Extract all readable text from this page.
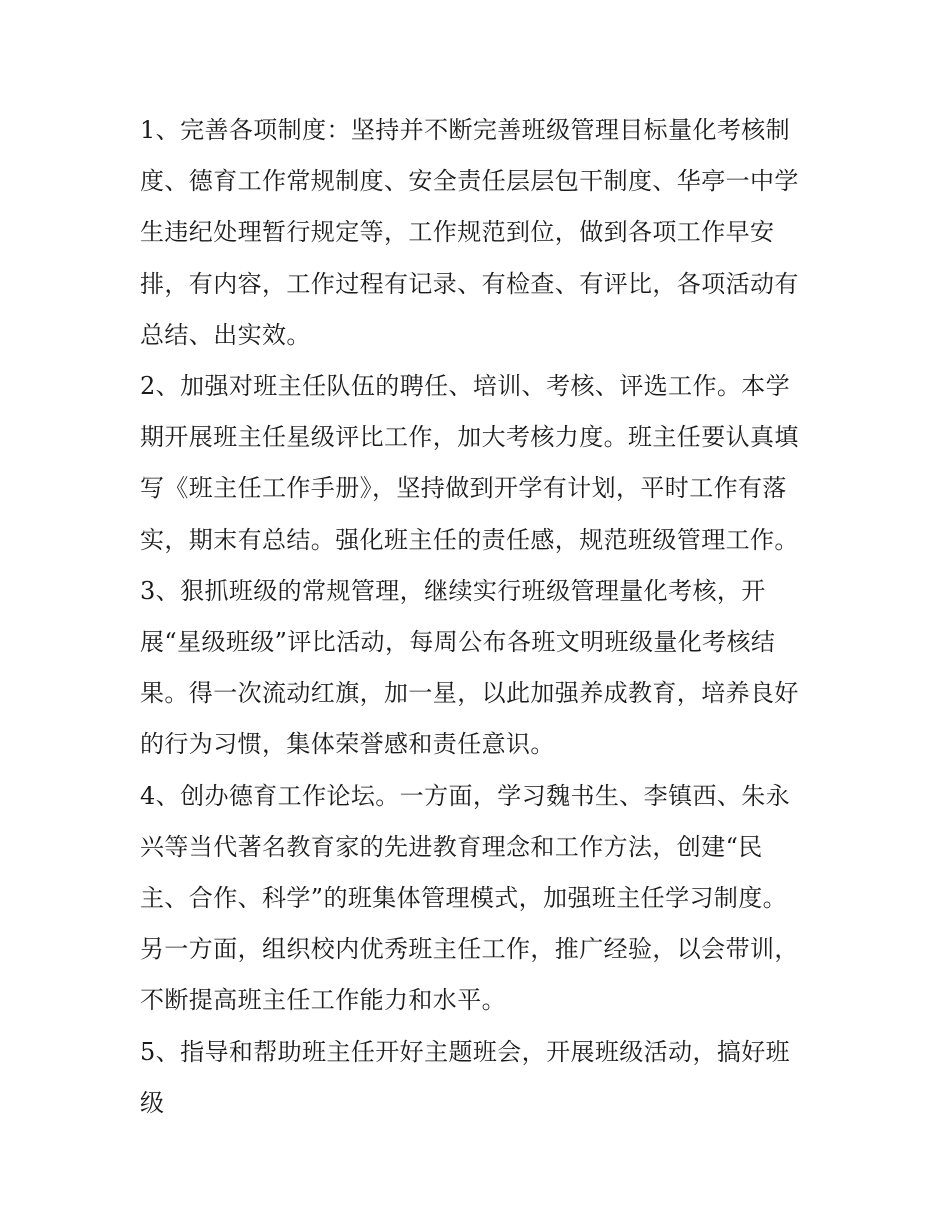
1、完善各项制度：坚持并不断完善班级管理目标量化考核制
度、德育工作常规制度、安全责任层层包干制度、华亭一中学
生违纪处理暂行规定等，工作规范到位，做到各项工作早安
排，有内容，工作过程有记录、有检查、有评比，各项活动有
总结、出实效。
2、加强对班主任队伍的聘任、培训、考核、评选工作。本学
期开展班主任星级评比工作，加大考核力度。班主任要认真填
写《班主任工作手册》，坚持做到开学有计划，平时工作有落
实，期末有总结。强化班主任的责任感，规范班级管理工作。
3、狠抓班级的常规管理，继续实行班级管理量化考核，开
展“星级班级”评比活动，每周公布各班文明班级量化考核结
果。得一次流动红旗，加一星，以此加强养成教育，培养良好
的行为习惯，集体荣誉感和责任意识。
4、创办德育工作论坛。一方面，学习魏书生、李镇西、朱永
兴等当代著名教育家的先进教育理念和工作方法，创建“民
主、合作、科学”的班集体管理模式，加强班主任学习制度。
另一方面，组织校内优秀班主任工作，推广经验，以会带训，
不断提高班主任工作能力和水平。
5、指导和帮助班主任开好主题班会，开展班级活动，搞好班
级
